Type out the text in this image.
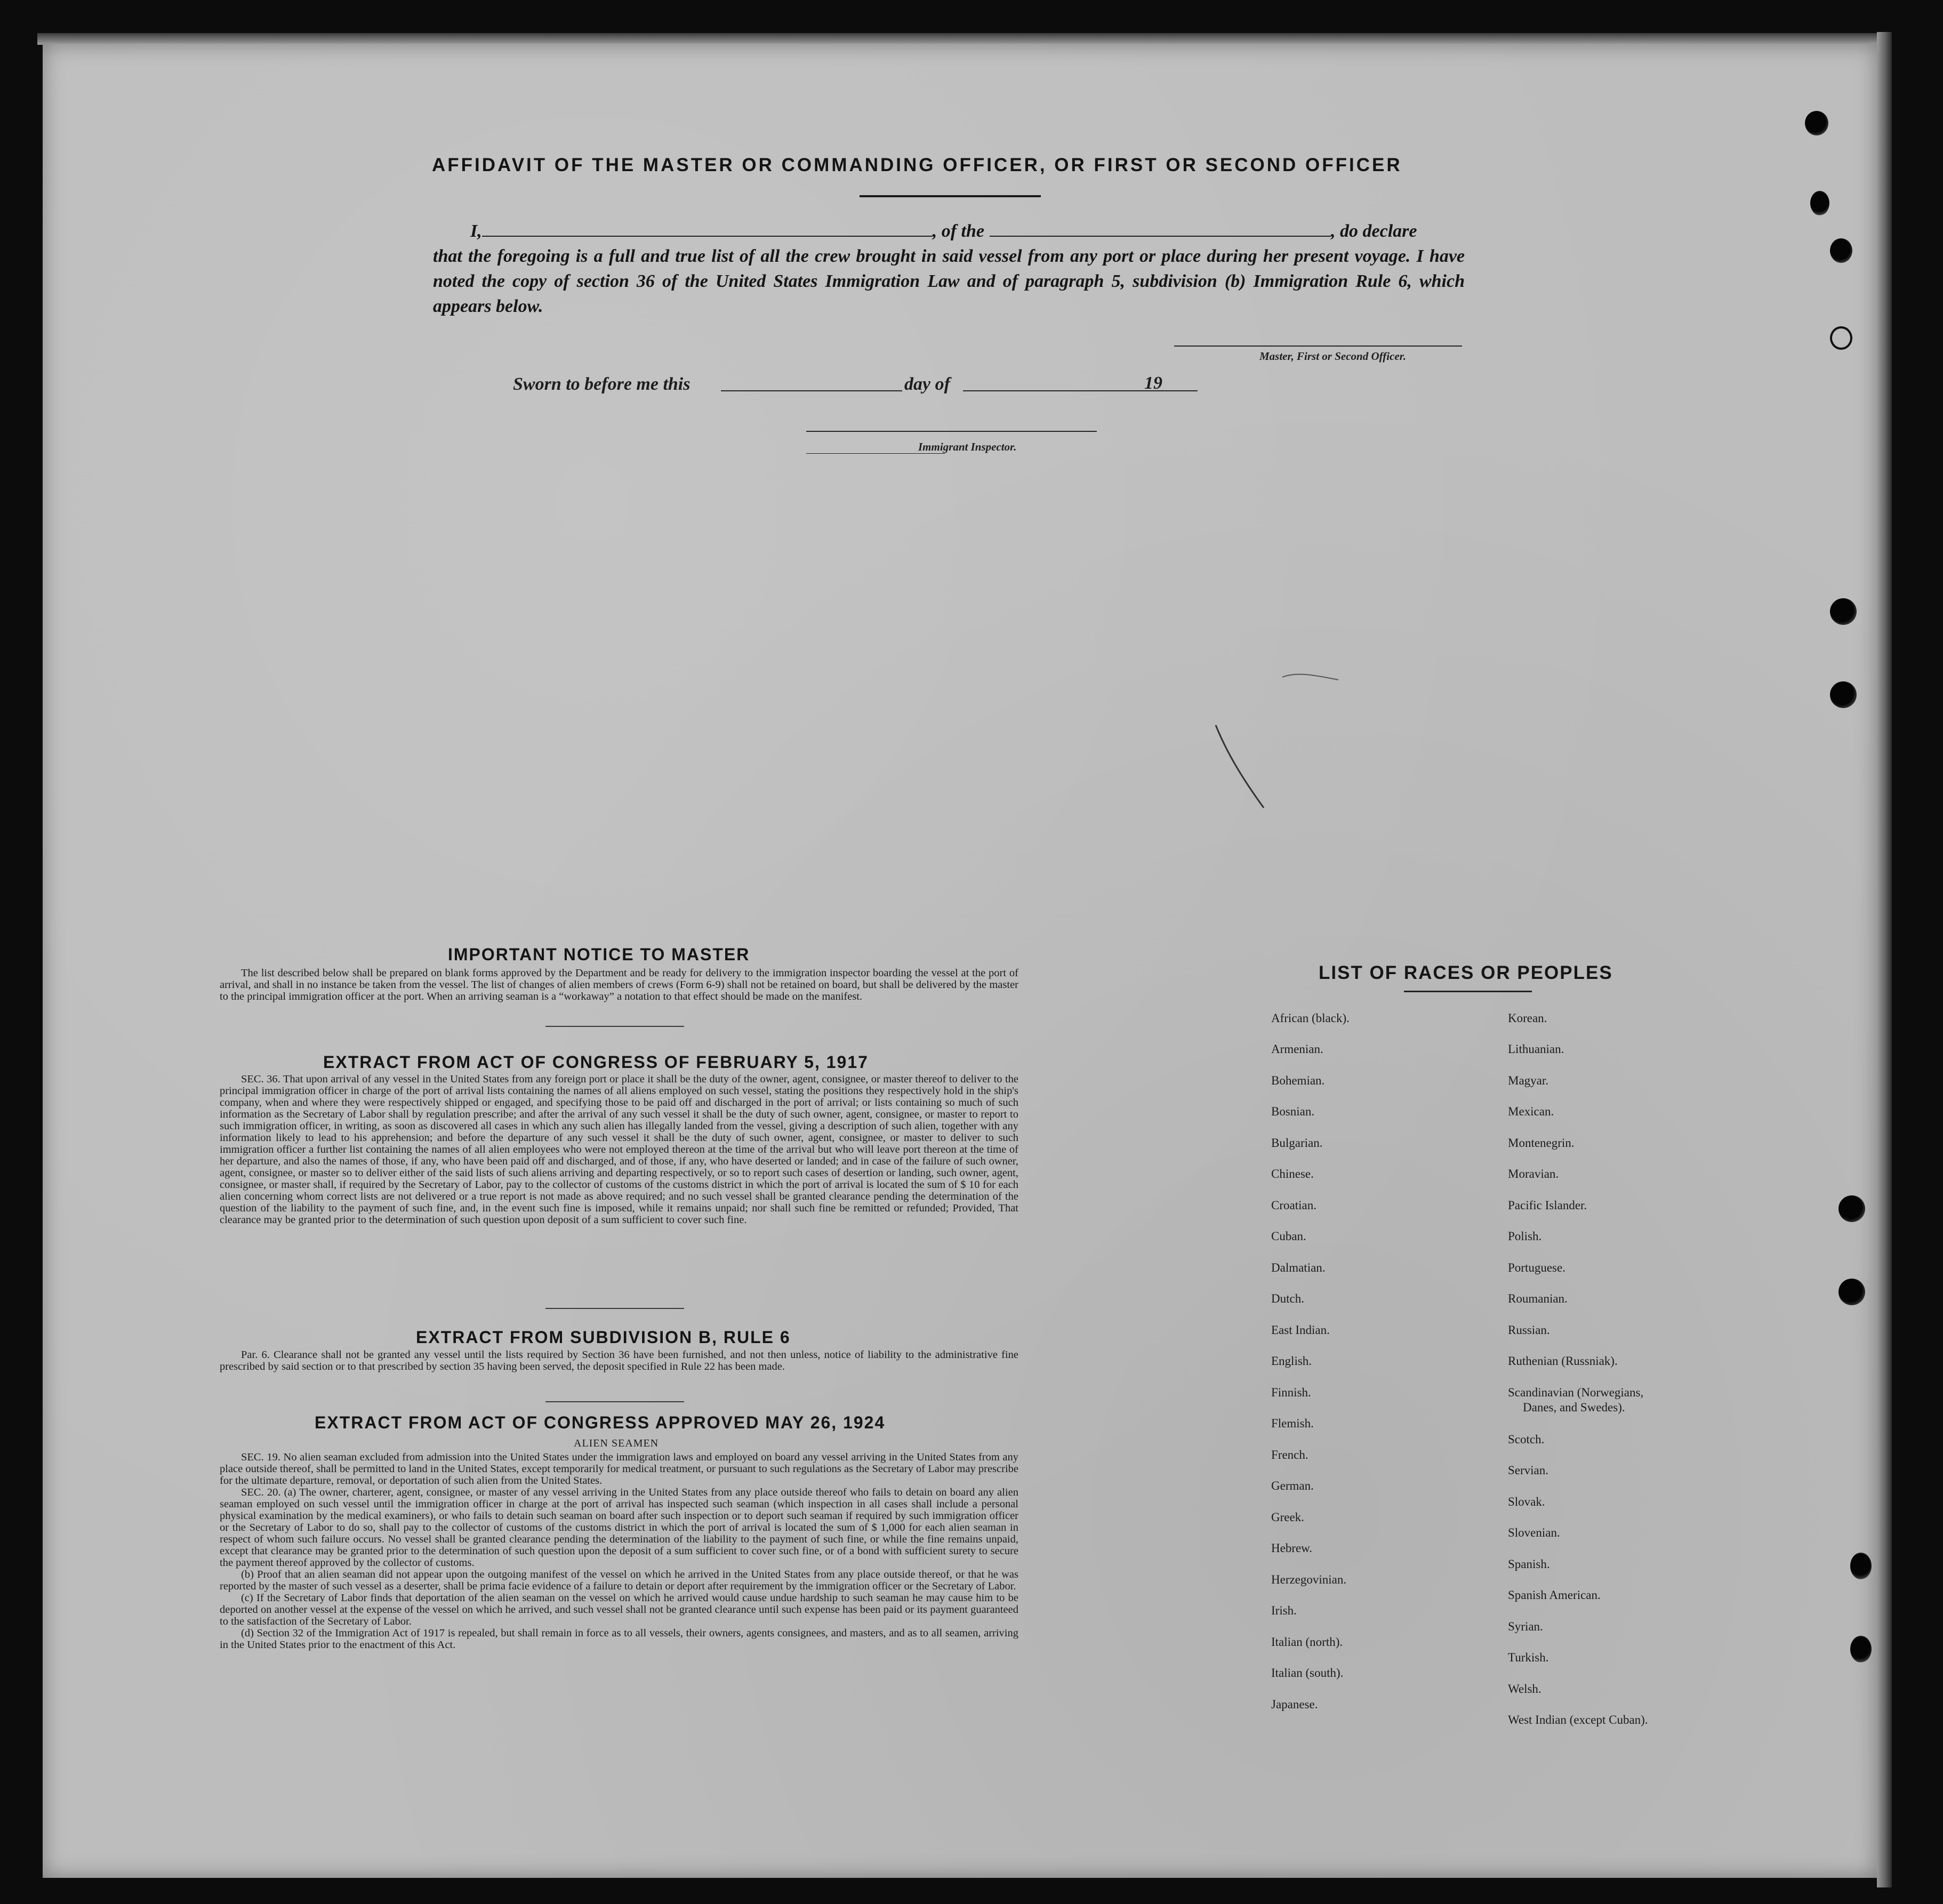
AFFIDAVIT OF THE MASTER OR COMMANDING OFFICER, OR FIRST OR SECOND OFFICER
I,	, of the	, do declare
that the foregoing is a full and true list of all the crew brought in said vessel from any port or place during her present voyage. I have noted the copy of section 36 of the United States Immigration Law and of paragraph 5, subdivision (b) Immigration Rule 6, which appears below.
Master, First or Second Officer.
Sworn to before me this	day of	19
Immigrant Inspector.
IMPORTANT NOTICE TO MASTER
The list described below shall be prepared on blank forms approved by the Department and be ready for delivery to the immigration inspector boarding the vessel at the port of arrival, and shall in no instance be taken from the vessel. The list of changes of alien members of crews (Form 6-9) shall not be retained on board, but shall be delivered by the master to the principal immigration officer at the port. When an arriving seaman is a “workaway” a notation to that effect should be made on the manifest.
EXTRACT FROM ACT OF CONGRESS OF FEBRUARY 5, 1917
SEC. 36. That upon arrival of any vessel in the United States from any foreign port or place it shall be the duty of the owner, agent, consignee, or master thereof to deliver to the principal immigration officer in charge of the port of arrival lists containing the names of all aliens employed on such vessel, stating the positions they respectively hold in the ship's company, when and where they were respectively shipped or engaged, and specifying those to be paid off and discharged in the port of arrival; or lists containing so much of such information as the Secretary of Labor shall by regulation prescribe; and after the arrival of any such vessel it shall be the duty of such owner, agent, consignee, or master to report to such immigration officer, in writing, as soon as discovered all cases in which any such alien has illegally landed from the vessel, giving a description of such alien, together with any information likely to lead to his apprehension; and before the departure of any such vessel it shall be the duty of such owner, agent, consignee, or master to deliver to such immigration officer a further list containing the names of all alien employees who were not employed thereon at the time of the arrival but who will leave port thereon at the time of her departure, and also the names of those, if any, who have been paid off and discharged, and of those, if any, who have deserted or landed; and in case of the failure of such owner, agent, consignee, or master so to deliver either of the said lists of such aliens arriving and departing respectively, or so to report such cases of desertion or landing, such owner, agent, consignee, or master shall, if required by the Secretary of Labor, pay to the collector of customs of the customs district in which the port of arrival is located the sum of $ 10 for each alien concerning whom correct lists are not delivered or a true report is not made as above required; and no such vessel shall be granted clearance pending the determination of the question of the liability to the payment of such fine, and, in the event such fine is imposed, while it remains unpaid; nor shall such fine be remitted or refunded; Provided, That clearance may be granted prior to the determination of such question upon deposit of a sum sufficient to cover such fine.
EXTRACT FROM SUBDIVISION B, RULE 6
Par. 6. Clearance shall not be granted any vessel until the lists required by Section 36 have been furnished, and not then unless, notice of liability to the administrative fine prescribed by said section or to that prescribed by section 35 having been served, the deposit specified in Rule 22 has been made.
EXTRACT FROM ACT OF CONGRESS APPROVED MAY 26, 1924
ALIEN SEAMEN

SEC. 19. No alien seaman excluded from admission into the United States under the immigration laws and employed on board any vessel arriving in the United States from any place outside thereof, shall be permitted to land in the United States, except temporarily for medical treatment, or pursuant to such regulations as the Secretary of Labor may prescribe for the ultimate departure, removal, or deportation of such alien from the United States.

SEC. 20. (a) The owner, charterer, agent, consignee, or master of any vessel arriving in the United States from any place outside thereof who fails to detain on board any alien seaman employed on such vessel until the immigration officer in charge at the port of arrival has inspected such seaman (which inspection in all cases shall include a personal physical examination by the medical examiners), or who fails to detain such seaman on board after such inspection or to deport such seaman if required by such immigration officer or the Secretary of Labor to do so, shall pay to the collector of customs of the customs district in which the port of arrival is located the sum of $ 1,000 for each alien seaman in respect of whom such failure occurs. No vessel shall be granted clearance pending the determination of the liability to the payment of such fine, or while the fine remains unpaid, except that clearance may be granted prior to the determination of such question upon the deposit of a sum sufficient to cover such fine, or of a bond with sufficient surety to secure the payment thereof approved by the collector of customs.

(b) Proof that an alien seaman did not appear upon the outgoing manifest of the vessel on which he arrived in the United States from any place outside thereof, or that he was reported by the master of such vessel as a deserter, shall be prima facie evidence of a failure to detain or deport after requirement by the immigration officer or the Secretary of Labor.

(c) If the Secretary of Labor finds that deportation of the alien seaman on the vessel on which he arrived would cause undue hardship to such seaman he may cause him to be deported on another vessel at the expense of the vessel on which he arrived, and such vessel shall not be granted clearance until such expense has been paid or its payment guaranteed to the satisfaction of the Secretary of Labor.

(d) Section 32 of the Immigration Act of 1917 is repealed, but shall remain in force as to all vessels, their owners, agents consignees, and masters, and as to all seamen, arriving in the United States prior to the enactment of this Act.

LIST OF RACES OR PEOPLES
African (black).
Armenian.
Bohemian.
Bosnian.
Bulgarian.
Chinese.
Croatian.
Cuban.
Dalmatian.
Dutch.
East Indian.
English.
Finnish.
Flemish.
French.
German.
Greek.
Hebrew.
Herzegovinian.
Irish.
Italian (north).
Italian (south).
Japanese.
Korean.
Lithuanian.
Magyar.
Mexican.
Montenegrin.
Moravian.
Pacific Islander.
Polish.
Portuguese.
Roumanian.
Russian.
Ruthenian (Russniak).
Scandinavian (Norwegians,
Danes, and Swedes).
Scotch.
Servian.
Slovak.
Slovenian.
Spanish.
Spanish American.
Syrian.
Turkish.
Welsh.
West Indian (except Cuban).
